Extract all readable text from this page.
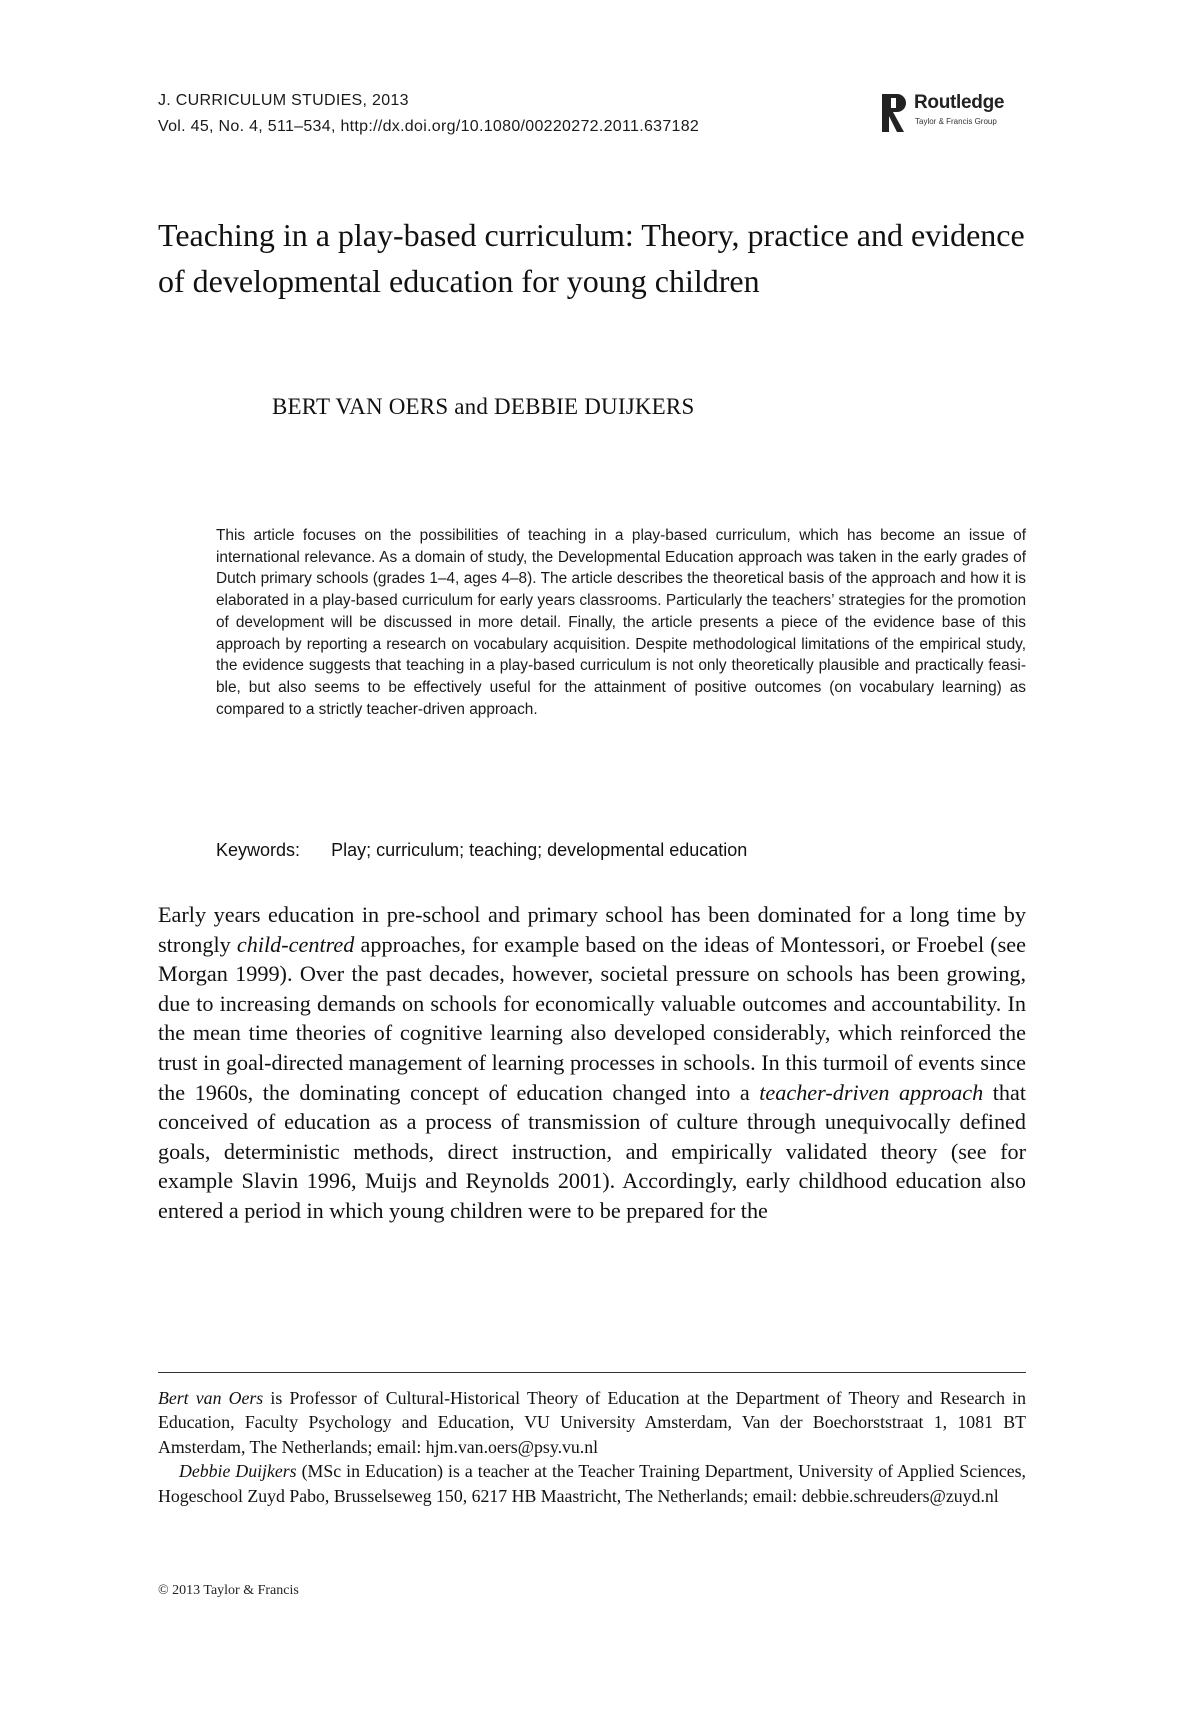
J. CURRICULUM STUDIES, 2013
Vol. 45, No. 4, 511–534, http://dx.doi.org/10.1080/00220272.2011.637182
Routledge
Taylor & Francis Group
Teaching in a play-based curriculum: Theory, practice and evidence of developmental education for young children
BERT VAN OERS and DEBBIE DUIJKERS

This article focuses on the possibilities of teaching in a play-based curriculum, which has become an issue of international relevance. As a domain of study, the Developmental Education approach was taken in the early grades of Dutch primary schools (grades 1–4, ages 4–8). The article describes the theoretical basis of the approach and how it is elaborated in a play-based curriculum for early years classrooms. Particularly the teachers’ strategies for the promotion of development will be discussed in more detail. Finally, the article presents a piece of the evidence base of this approach by reporting a research on vocabulary acquisition. Despite methodological limitations of the empirical study, the evidence suggests that teaching in a play-based curriculum is not only theoretically plausible and practically feasible, but also seems to be effectively useful for the attainment of positive outcomes (on vocabulary learning) as compared to a strictly teacher-driven approach.

Keywords: Play; curriculum; teaching; developmental education

Early years education in pre-school and primary school has been dominated for a long time by strongly child-centred approaches, for example based on the ideas of Montessori, or Froebel (see Morgan 1999). Over the past decades, however, societal pressure on schools has been growing, due to increasing demands on schools for economically valuable outcomes and accountability. In the mean time theories of cognitive learning also developed considerably, which reinforced the trust in goal-directed management of learning processes in schools. In this turmoil of events since the 1960s, the dominating concept of education changed into a teacher-driven approach that conceived of education as a process of transmission of culture through unequivocally defined goals, deterministic methods, direct instruction, and empirically validated theory (see for example Slavin 1996, Muijs and Reynolds 2001). Accordingly, early childhood education also entered a period in which young children were to be prepared for the

Bert van Oers is Professor of Cultural-Historical Theory of Education at the Department of Theory and Research in Education, Faculty Psychology and Education, VU University Amsterdam, Van der Boechorststraat 1, 1081 BT Amsterdam, The Netherlands; email: hjm.van.oers@psy.vu.nl

Debbie Duijkers (MSc in Education) is a teacher at the Teacher Training Department, University of Applied Sciences, Hogeschool Zuyd Pabo, Brusselseweg 150, 6217 HB Maastricht, The Netherlands; email: debbie.schreuders@zuyd.nl

© 2013 Taylor & Francis
